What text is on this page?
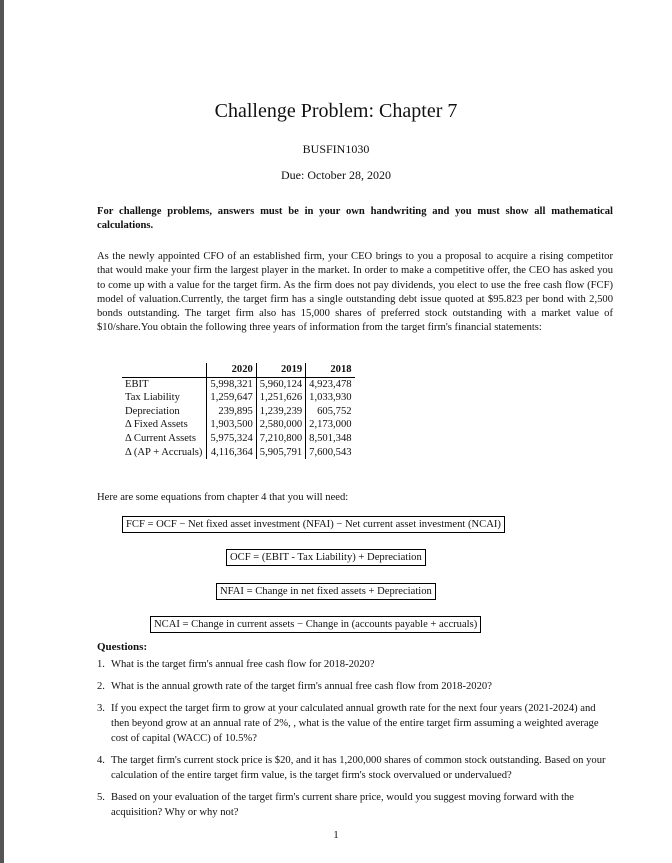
Challenge Problem: Chapter 7
BUSFIN1030
Due: October 28, 2020
For challenge problems, answers must be in your own handwriting and you must show all mathematical calculations.
As the newly appointed CFO of an established firm, your CEO brings to you a proposal to acquire a rising competitor that would make your firm the largest player in the market. In order to make a competitive offer, the CEO has asked you to come up with a value for the target firm. As the firm does not pay dividends, you elect to use the free cash flow (FCF) model of valuation.Currently, the target firm has a single outstanding debt issue quoted at $95.823 per bond with 2,500 bonds outstanding. The target firm also has 15,000 shares of preferred stock outstanding with a market value of $10/share.You obtain the following three years of information from the target firm's financial statements:
	2020	2019	2018
EBIT	5,998,321	5,960,124	4,923,478
Tax Liability	1,259,647	1,251,626	1,033,930
Depreciation	239,895	1,239,239	605,752
Δ Fixed Assets	1,903,500	2,580,000	2,173,000
Δ Current Assets	5,975,324	7,210,800	8,501,348
Δ (AP + Accruals)	4,116,364	5,905,791	7,600,543
Here are some equations from chapter 4 that you will need:
FCF = OCF − Net fixed asset investment (NFAI) − Net current asset investment (NCAI)
OCF = (EBIT - Tax Liability) + Depreciation
NFAI = Change in net fixed assets + Depreciation
NCAI = Change in current assets − Change in (accounts payable + accruals)
Questions:
1. What is the target firm's annual free cash flow for 2018-2020?
2. What is the annual growth rate of the target firm's annual free cash flow from 2018-2020?
3. If you expect the target firm to grow at your calculated annual growth rate for the next four years (2021-2024) and then beyond grow at an annual rate of 2%, , what is the value of the entire target firm assuming a weighted average cost of capital (WACC) of 10.5%?
4. The target firm's current stock price is $20, and it has 1,200,000 shares of common stock outstanding. Based on your calculation of the entire target firm value, is the target firm's stock overvalued or undervalued?
5. Based on your evaluation of the target firm's current share price, would you suggest moving forward with the acquisition? Why or why not?
1
